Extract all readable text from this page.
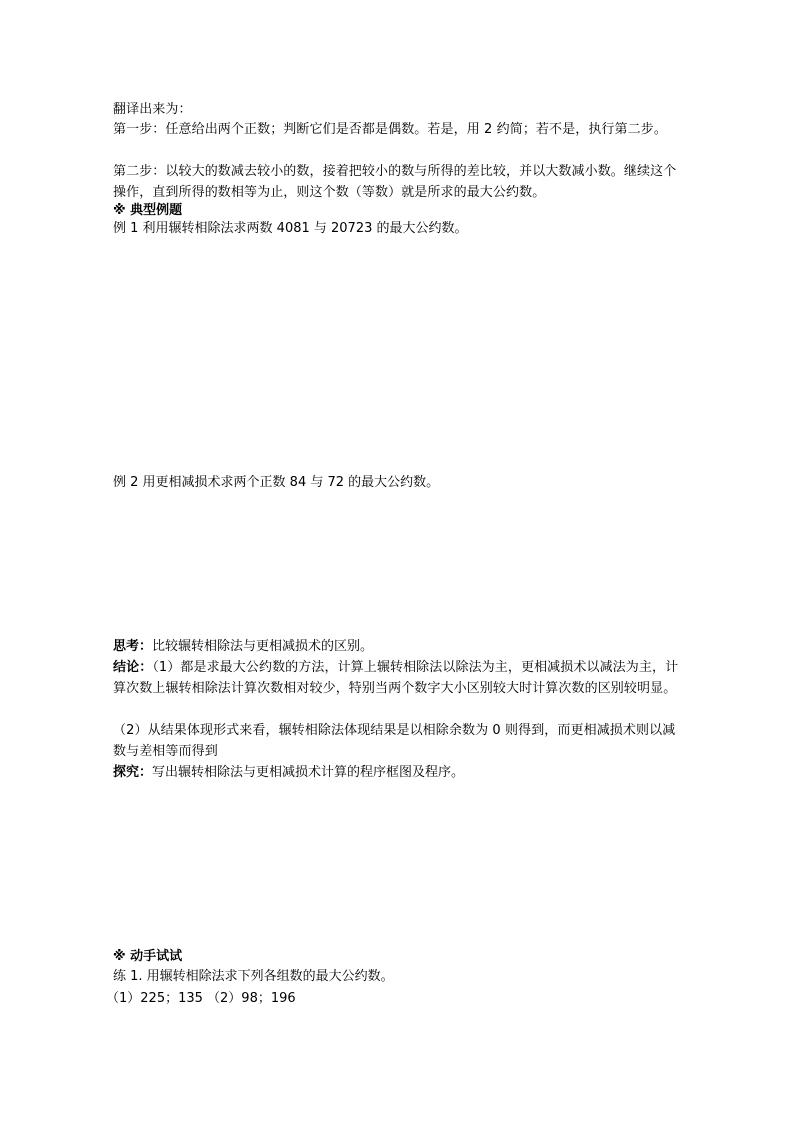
翻译出来为：
第一步：任意给出两个正数；判断它们是否都是偶数。若是，用 2 约简；若不是，执行第二步。
第二步：以较大的数减去较小的数，接着把较小的数与所得的差比较，并以大数减小数。继续这个操作，直到所得的数相等为止，则这个数（等数）就是所求的最大公约数。
※ 典型例题
例 1 利用辗转相除法求两数 4081 与 20723 的最大公约数。
例 2 用更相减损术求两个正数 84 与 72 的最大公约数。
思考：比较辗转相除法与更相减损术的区别。
结论：（1）都是求最大公约数的方法，计算上辗转相除法以除法为主，更相减损术以减法为主，计算次数上辗转相除法计算次数相对较少，特别当两个数字大小区别较大时计算次数的区别较明显。
（2）从结果体现形式来看，辗转相除法体现结果是以相除余数为 0 则得到，而更相减损术则以减数与差相等而得到
探究：写出辗转相除法与更相减损术计算的程序框图及程序。
※ 动手试试
练 1. 用辗转相除法求下列各组数的最大公约数。
（1）225；135 （2）98；196
